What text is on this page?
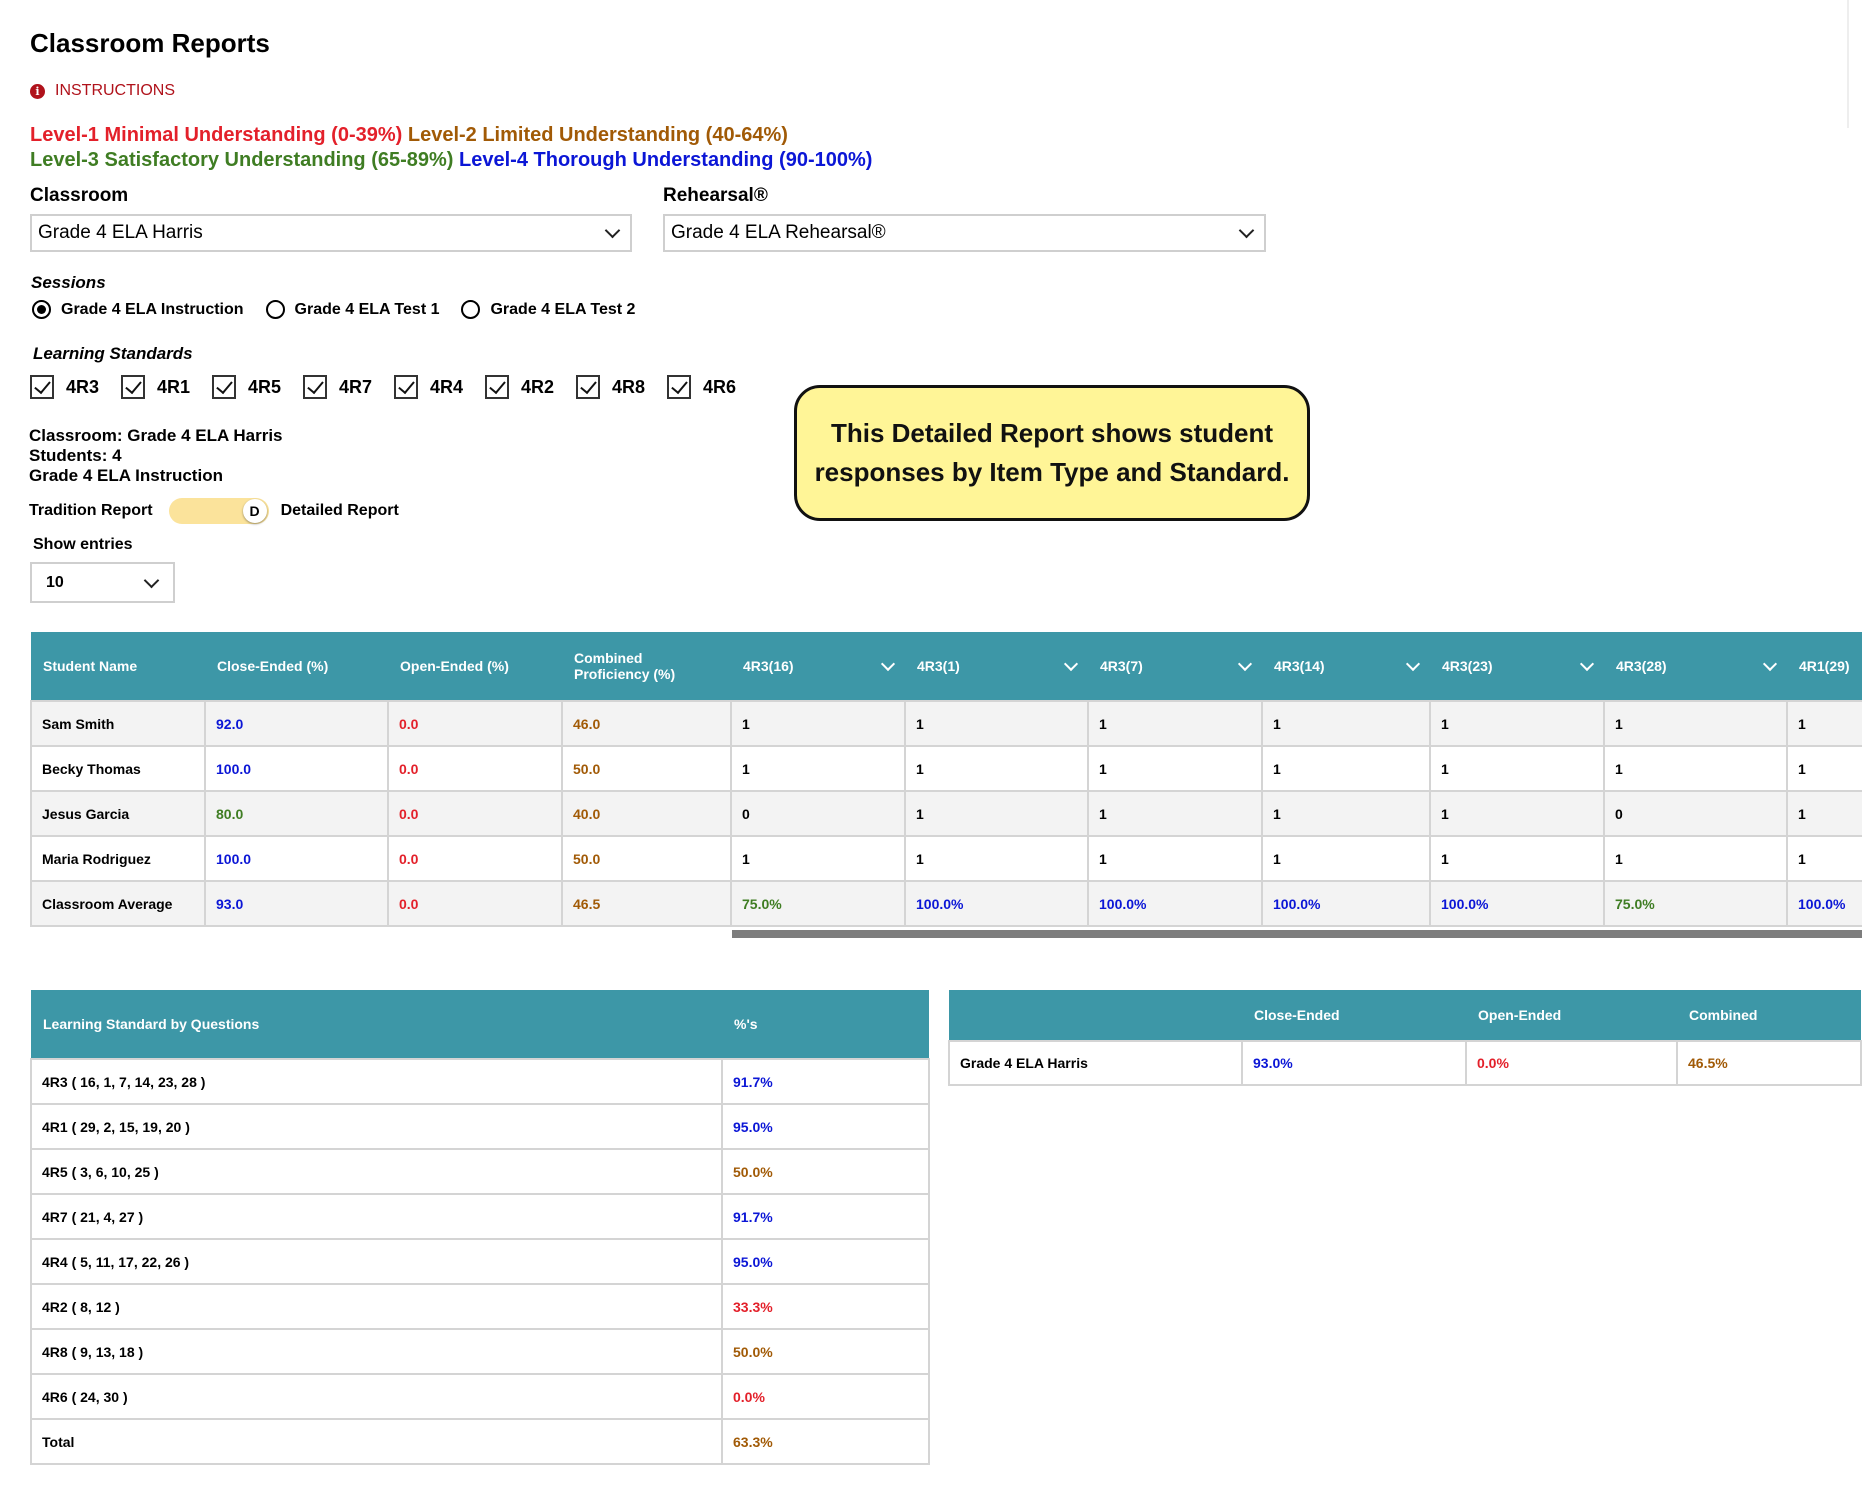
Classroom Reports
i INSTRUCTIONS
Level-1 Minimal Understanding (0-39%) Level-2 Limited Understanding (40-64%)
Level-3 Satisfactory Understanding (65-89%) Level-4 Thorough Understanding (90-100%)
Classroom
Grade 4 ELA Harris
Rehearsal®
Grade 4 ELA Rehearsal®
Sessions
Grade 4 ELA Instruction	Grade 4 ELA Test 1	Grade 4 ELA Test 2
Learning Standards
4R3	4R1	4R5	4R7	4R4	4R2	4R8	4R6
Classroom: Grade 4 ELA Harris
Students: 4
Grade 4 ELA Instruction
Tradition Report	D	Detailed Report
Show entries
10
This Detailed Report shows student
responses by Item Type and Standard.
Student Name	Close-Ended (%)	Open-Ended (%)	Combined Proficiency (%)	4R3(16)	4R3(1)	4R3(7)	4R3(14)	4R3(23)	4R3(28)	4R1(29)

Sam Smith	92.0	0.0	46.0	1	1	1	1	1	1	1
Becky Thomas	100.0	0.0	50.0	1	1	1	1	1	1	1
Jesus Garcia	80.0	0.0	40.0	0	1	1	1	1	0	1
Maria Rodriguez	100.0	0.0	50.0	1	1	1	1	1	1	1
Classroom Average	93.0	0.0	46.5	75.0%	100.0%	100.0%	100.0%	100.0%	75.0%	100.0%
Learning Standard by Questions	%'s
4R3 ( 16, 1, 7, 14, 23, 28 )	91.7%
4R1 ( 29, 2, 15, 19, 20 )	95.0%
4R5 ( 3, 6, 10, 25 )	50.0%
4R7 ( 21, 4, 27 )	91.7%
4R4 ( 5, 11, 17, 22, 26 )	95.0%
4R2 ( 8, 12 )	33.3%
4R8 ( 9, 13, 18 )	50.0%
4R6 ( 24, 30 )	0.0%
Total	63.3%
	Close-Ended	Open-Ended	Combined
Grade 4 ELA Harris	93.0%	0.0%	46.5%
